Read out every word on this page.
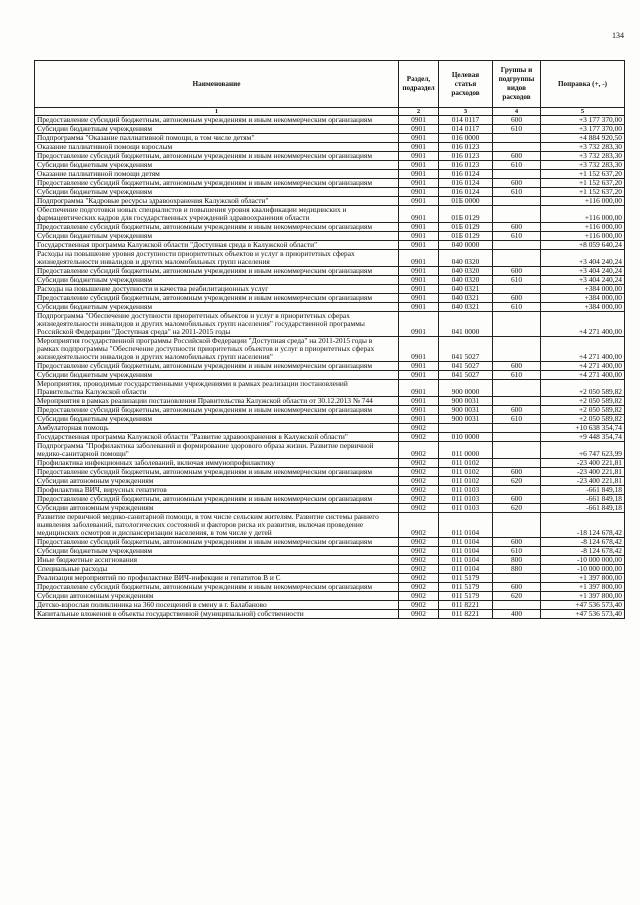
134
Наименование	Раздел, подраздел	Целевая статья расходов	Группы и подгруппы видов расходов	Поправка (+, -)
1	2	3	4	5
Предоставление субсидий бюджетным, автономным учреждениям и иным некоммерческим организациям	0901	014 0117	600	+3 177 370,00
Субсидии бюджетным учреждениям	0901	014 0117	610	+3 177 370,00
Подпрограмма "Оказание паллиативной помощи, в том числе детям"	0901	016 0000		+4 884 920,50
Оказание паллиативной помощи взрослым	0901	016 0123		+3 732 283,30
Предоставление субсидий бюджетным, автономным учреждениям и иным некоммерческим организациям	0901	016 0123	600	+3 732 283,30
Субсидии бюджетным учреждениям	0901	016 0123	610	+3 732 283,30
Оказание паллиативной помощи детям	0901	016 0124		+1 152 637,20
Предоставление субсидий бюджетным, автономным учреждениям и иным некоммерческим организациям	0901	016 0124	600	+1 152 637,20
Субсидии бюджетным учреждениям	0901	016 0124	610	+1 152 637,20
Подпрограмма "Кадровые ресурсы здравоохранения Калужской области"	0901	01Б 0000		+116 000,00
Обеспечение подготовки новых специалистов и повышения уровня квалификации медицинских и фармацевтических кадров для государственных учреждений здравоохранения области	0901	01Б 0129		+116 000,00
Предоставление субсидий бюджетным, автономным учреждениям и иным некоммерческим организациям	0901	01Б 0129	600	+116 000,00
Субсидии бюджетным учреждениям	0901	01Б 0129	610	+116 000,00
Государственная программа Калужской области "Доступная среда в Калужской области"	0901	040 0000		+8 059 640,24
Расходы на повышение уровня доступности приоритетных объектов и услуг в приоритетных сферах жизнедеятельности инвалидов и других маломобильных групп населения	0901	040 0320		+3 404 240,24
Предоставление субсидий бюджетным, автономным учреждениям и иным некоммерческим организациям	0901	040 0320	600	+3 404 240,24
Субсидии бюджетным учреждениям	0901	040 0320	610	+3 404 240,24
Расходы на повышение доступности и качества реабилитационных услуг	0901	040 0321		+384 000,00
Предоставление субсидий бюджетным, автономным учреждениям и иным некоммерческим организациям	0901	040 0321	600	+384 000,00
Субсидии бюджетным учреждениям	0901	040 0321	610	+384 000,00
Подпрограмма "Обеспечение доступности приоритетных объектов и услуг в приоритетных сферах жизнедеятельности инвалидов и других маломобильных групп населения" государственной программы Российской Федерации "Доступная среда" на 2011-2015 годы	0901	041 0000		+4 271 400,00
Мероприятия государственной программы Российской Федерации "Доступная среда" на 2011-2015 годы в рамках подпрограммы "Обеспечение доступности приоритетных объектов и услуг в приоритетных сферах жизнедеятельности инвалидов и других маломобильных групп населения"	0901	041 5027		+4 271 400,00
Предоставление субсидий бюджетным, автономным учреждениям и иным некоммерческим организациям	0901	041 5027	600	+4 271 400,00
Субсидии бюджетным учреждениям	0901	041 5027	610	+4 271 400,00
Мероприятия, проводимые государственными учреждениями в рамках реализации постановлений Правительства Калужской области	0901	900 0000		+2 050 589,82
Мероприятия в рамках реализации постановления Правительства Калужской области от 30.12.2013 № 744	0901	900 0031		+2 050 589,82
Предоставление субсидий бюджетным, автономным учреждениям и иным некоммерческим организациям	0901	900 0031	600	+2 050 589,82
Субсидии бюджетным учреждениям	0901	900 0031	610	+2 050 589,82
Амбулаторная помощь	0902			+10 638 354,74
Государственная программа Калужской области "Развитие здравоохранения в Калужской области"	0902	010 0000		+9 448 354,74
Подпрограмма "Профилактика заболеваний и формирование здорового образа жизни. Развитие первичной медико-санитарной помощи"	0902	011 0000		+6 747 623,99
Профилактика инфекционных заболеваний, включая иммунопрофилактику	0902	011 0102		-23 400 221,81
Предоставление субсидий бюджетным, автономным учреждениям и иным некоммерческим организациям	0902	011 0102	600	-23 400 221,81
Субсидии автономным учреждениям	0902	011 0102	620	-23 400 221,81
Профилактика ВИЧ, вирусных гепатитов	0902	011 0103		-661 849,18
Предоставление субсидий бюджетным, автономным учреждениям и иным некоммерческим организациям	0902	011 0103	600	-661 849,18
Субсидии автономным учреждениям	0902	011 0103	620	-661 849,18
Развитие первичной медико-санитарной помощи, в том числе сельским жителям. Развитие системы раннего выявления заболеваний, патологических состояний и факторов риска их развития, включая проведение медицинских осмотров и диспансеризации населения, в том числе у детей	0902	011 0104		-18 124 678,42
Предоставление субсидий бюджетным, автономным учреждениям и иным некоммерческим организациям	0902	011 0104	600	-8 124 678,42
Субсидии бюджетным учреждениям	0902	011 0104	610	-8 124 678,42
Иные бюджетные ассигнования	0902	011 0104	800	-10 000 000,00
Специальные расходы	0902	011 0104	880	-10 000 000,00
Реализация мероприятий по профилактике ВИЧ-инфекции и гепатитов B и C	0902	011 5179		+1 397 800,00
Предоставление субсидий бюджетным, автономным учреждениям и иным некоммерческим организациям	0902	011 5179	600	+1 397 800,00
Субсидии автономным учреждениям	0902	011 5179	620	+1 397 800,00
Детско-взрослая поликлиника на 360 посещений в смену в г. Балабаново	0902	011 8221		+47 536 573,40
Капитальные вложения в объекты государственной (муниципальной) собственности	0902	011 8221	400	+47 536 573,40
